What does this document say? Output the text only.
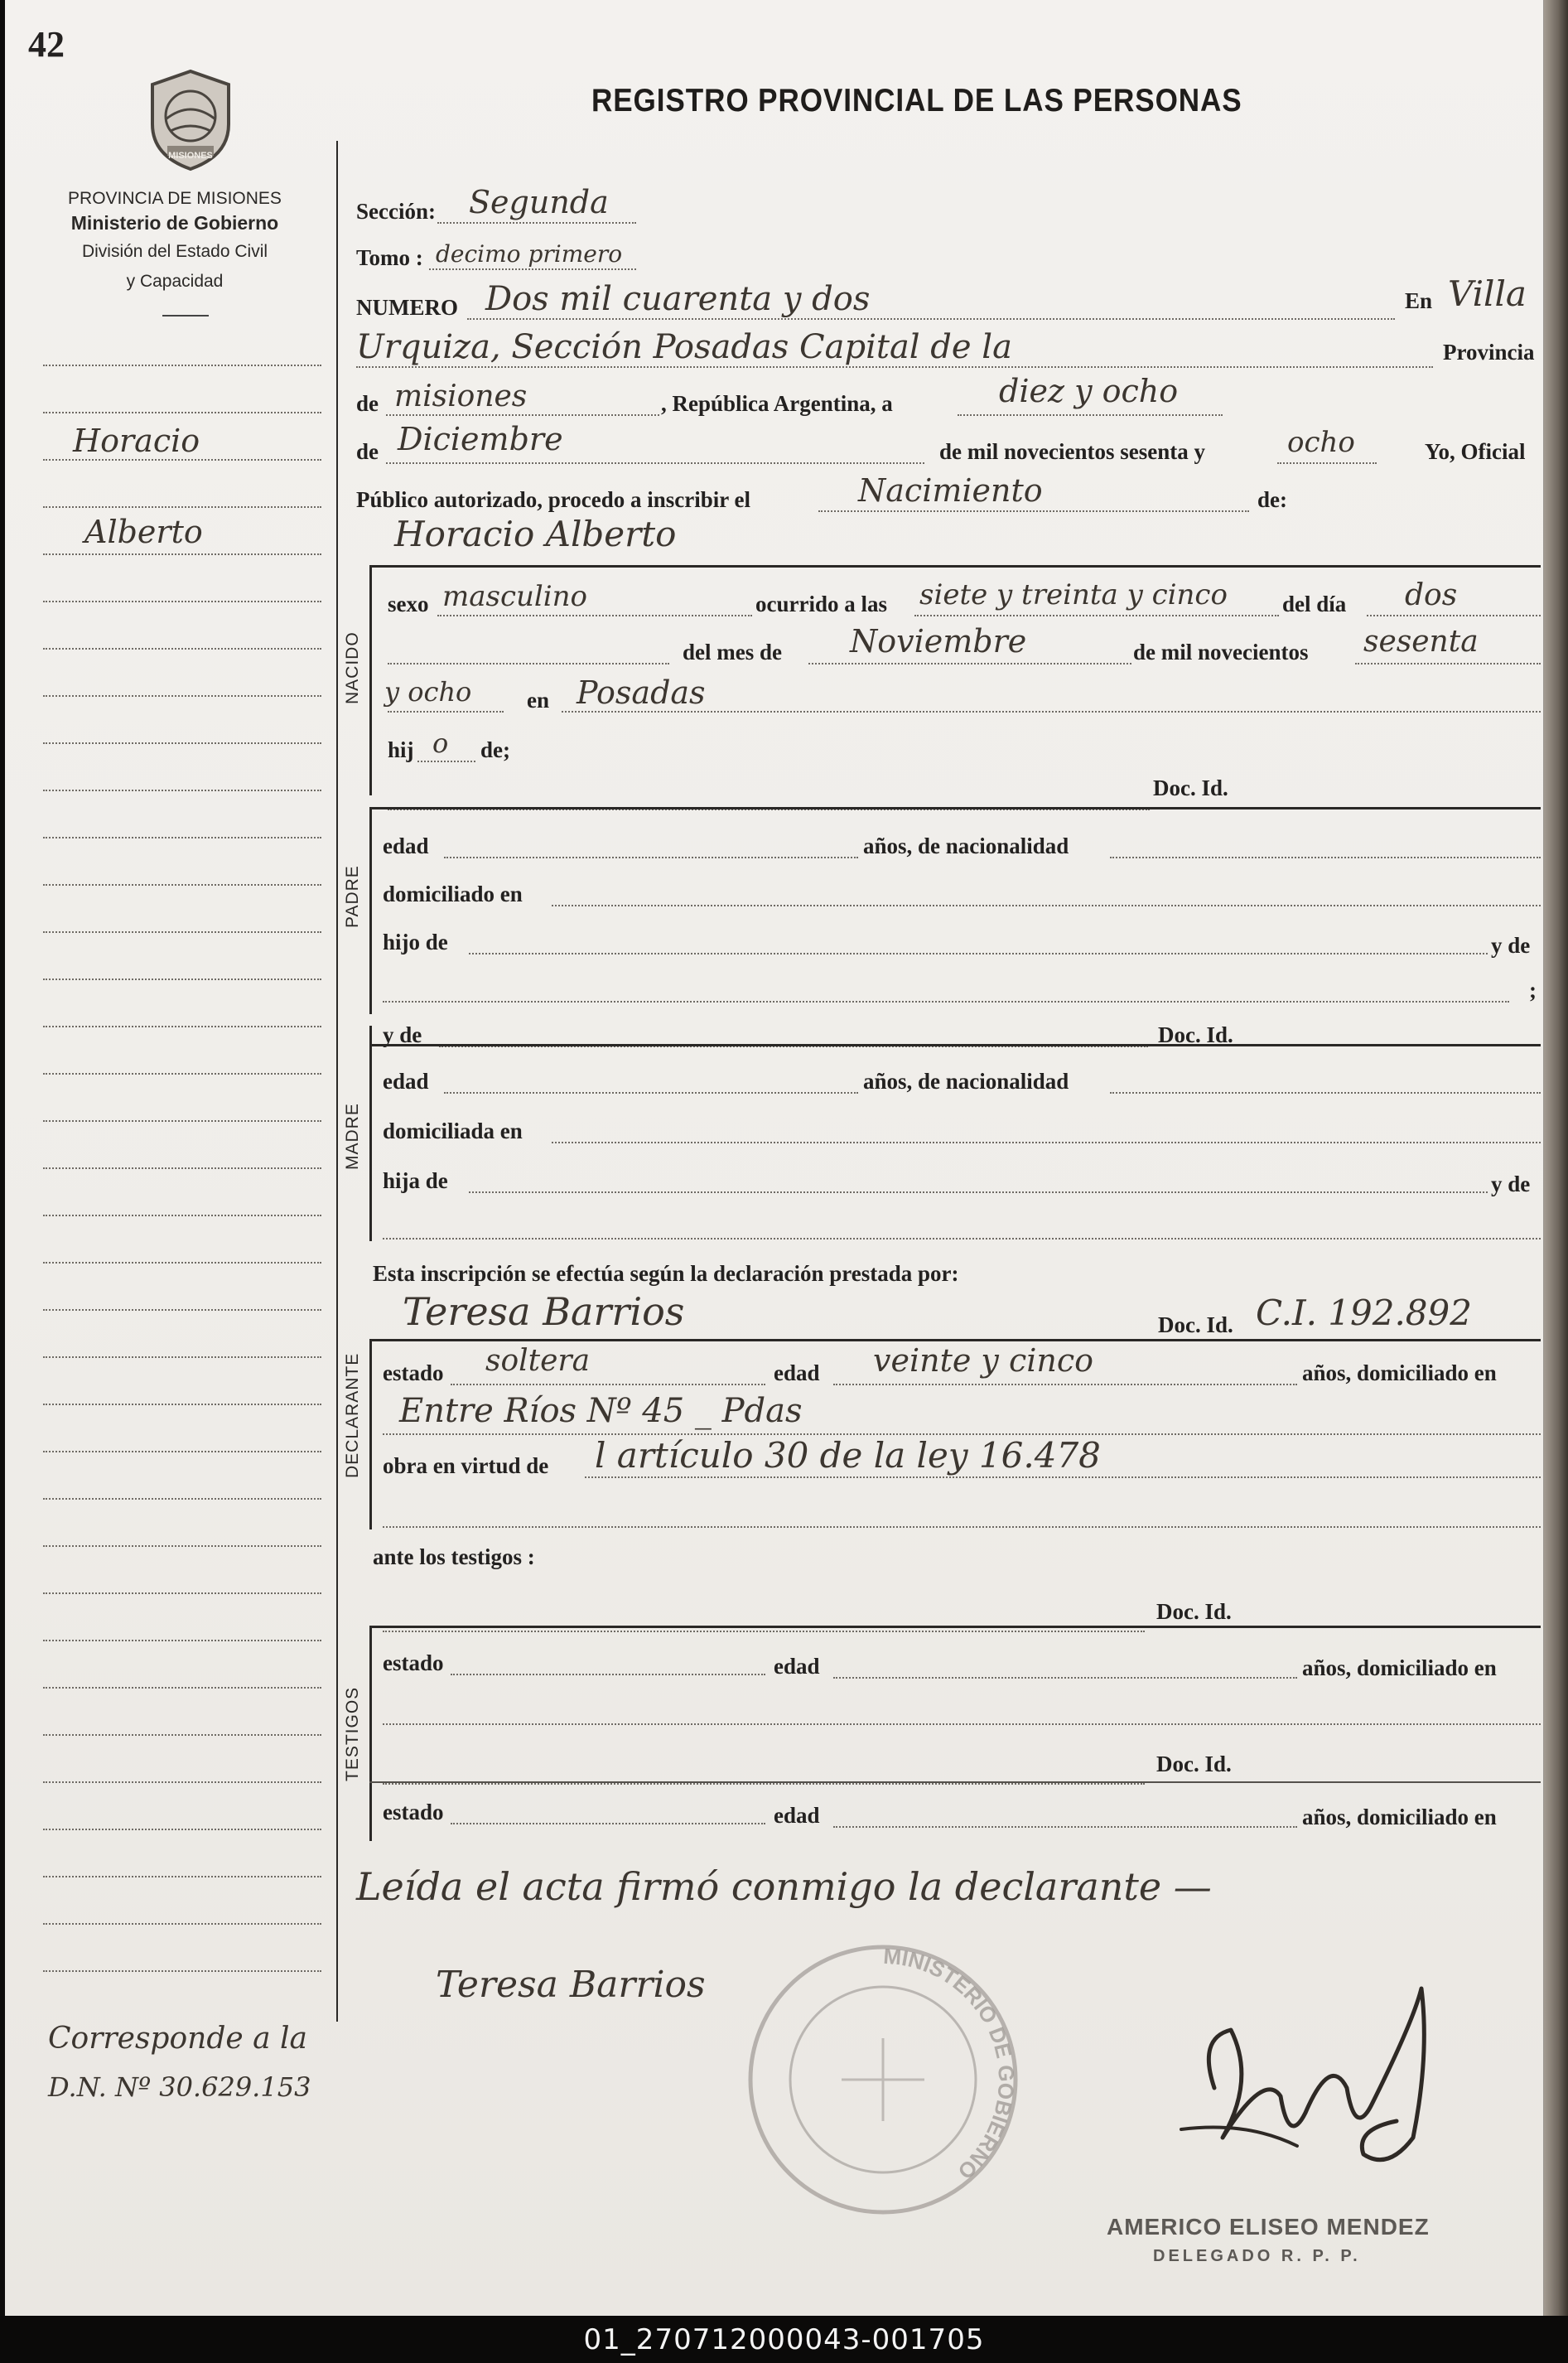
42
MISIONES
PROVINCIA DE MISIONES
Ministerio de Gobierno
División del Estado Civil
y Capacidad
REGISTRO PROVINCIAL DE LAS PERSONAS
Horacio
Alberto
Corresponde a la
D.N. Nº 30.629.153
Sección: Segunda
Tomo : decimo primero
NUMERO Dos mil cuarenta y dos	En Villa
Urquiza, Sección Posadas Capital de la	Provincia
de misiones	, República Argentina, a	diez y ocho
de Diciembre	de mil novecientos sesenta y	ocho	Yo, Oficial
Público autorizado, procedo a inscribir el	Nacimiento	de:
Horacio Alberto
NACIDO
sexo masculino	ocurrido a las siete y treinta y cinco del día dos
del mes de Noviembre	de mil novecientos sesenta
y ocho en Posadas
hij o de;
Doc. Id.
PADRE
edad	años, de nacionalidad
domiciliado en
hijo de	y de
;
y de	Doc. Id.
MADRE
edad	años, de nacionalidad
domiciliada en
hija de	y de
Esta inscripción se efectúa según la declaración prestada por:
Teresa Barrios
DECLARANTE
Doc. Id. C.I. 192.892
estado soltera	edad veinte y cinco	años, domiciliado en
Entre Ríos Nº 45 _ Pdas
obra en virtud de l artículo 30 de la ley 16.478
ante los testigos :
Doc. Id.
TESTIGOS
estado	edad	años, domiciliado en
Doc. Id.
estado	edad	años, domiciliado en
Leída el acta firmó conmigo la declarante —
Teresa Barrios
MINISTERIO DE GOBIERNO
AMERICO ELISEO MENDEZ
DELEGADO R. P. P.
01_270712000043-001705
